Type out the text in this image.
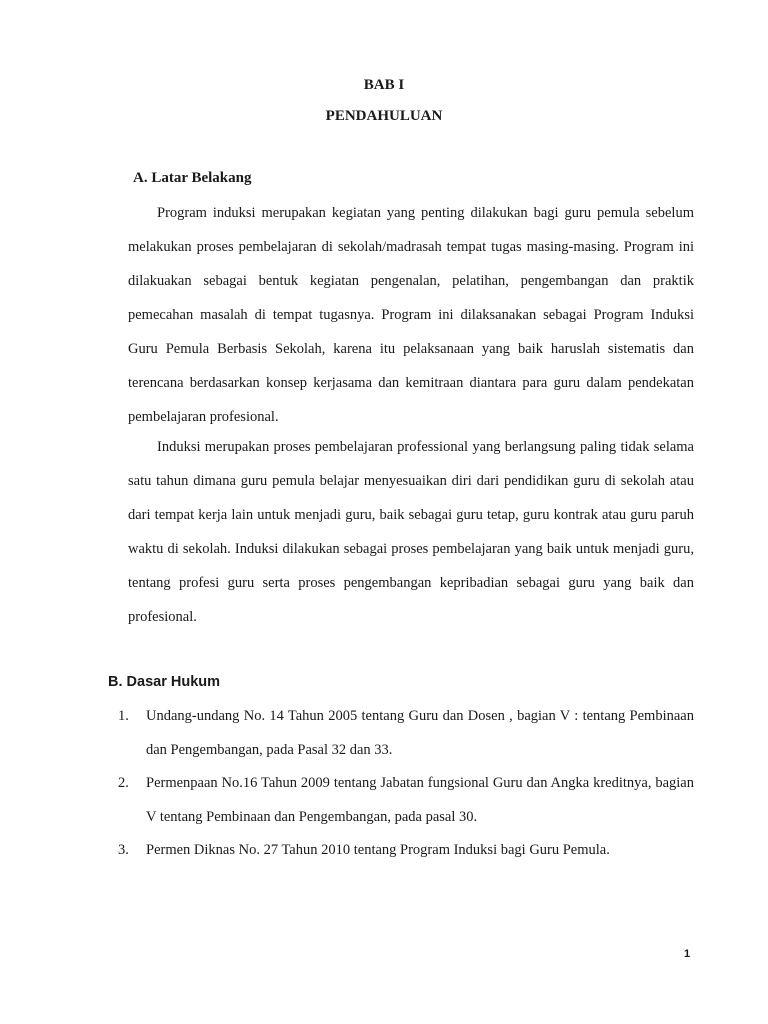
BAB I
PENDAHULUAN
A. Latar Belakang

Program induksi merupakan kegiatan yang penting dilakukan bagi guru pemula sebelum melakukan proses pembelajaran di sekolah/madrasah tempat tugas masing-masing. Program ini dilakuakan sebagai bentuk kegiatan pengenalan, pelatihan, pengembangan dan praktik pemecahan masalah di tempat tugasnya. Program ini dilaksanakan sebagai Program Induksi Guru Pemula Berbasis Sekolah, karena itu pelaksanaan yang baik haruslah sistematis dan terencana berdasarkan konsep kerjasama dan kemitraan diantara para guru dalam pendekatan pembelajaran profesional.

Induksi merupakan proses pembelajaran professional yang berlangsung paling tidak selama satu tahun dimana guru pemula belajar menyesuaikan diri dari pendidikan guru di sekolah atau dari tempat kerja lain untuk menjadi guru, baik sebagai guru tetap, guru kontrak atau guru paruh waktu di sekolah. Induksi dilakukan sebagai proses pembelajaran yang baik untuk menjadi guru, tentang profesi guru serta proses pengembangan kepribadian sebagai guru yang baik dan profesional.

B. Dasar Hukum
1. Undang-undang No. 14 Tahun 2005 tentang Guru dan Dosen , bagian V : tentang Pembinaan dan Pengembangan, pada Pasal 32 dan 33.
2. Permenpaan No.16 Tahun 2009 tentang Jabatan fungsional Guru dan Angka kreditnya, bagian V tentang Pembinaan dan Pengembangan, pada pasal 30.
3. Permen Diknas No. 27 Tahun 2010 tentang Program Induksi bagi Guru Pemula.
1
